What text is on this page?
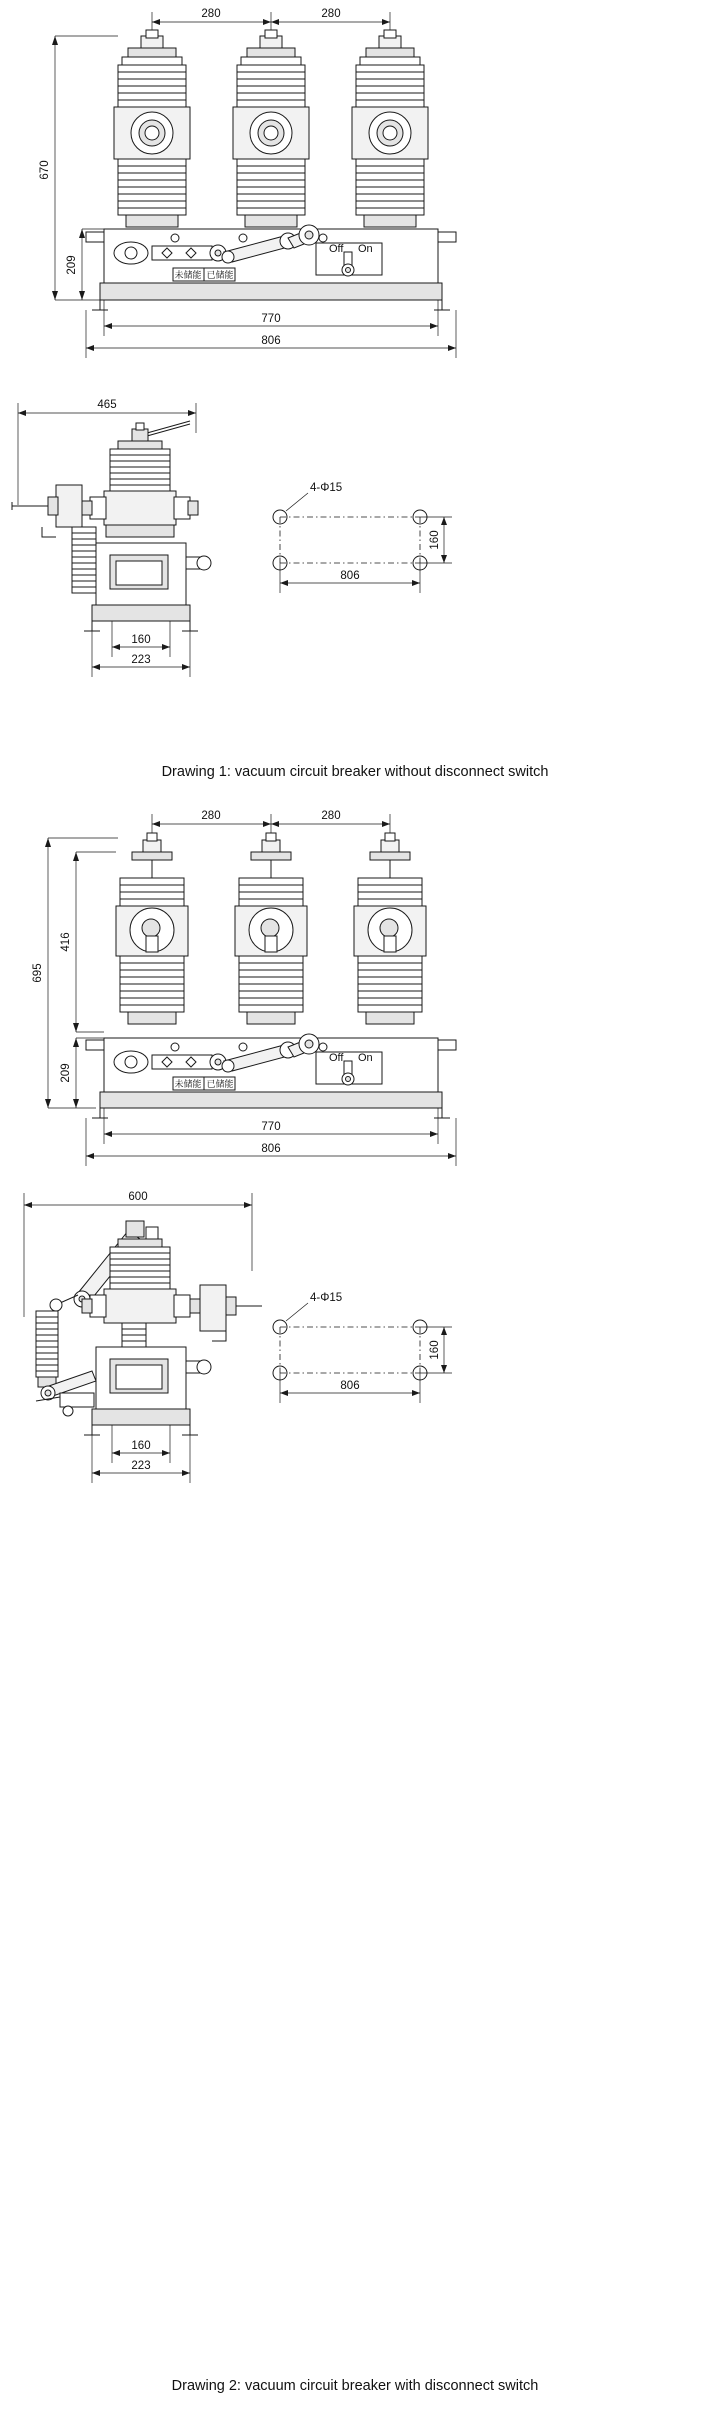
280	280
670
209
未储能 已储能
Off On
770
806
465
160
223
4-Φ15
806
160
Drawing 1: vacuum circuit breaker without disconnect switch
280	280
695
416
209
未储能 已储能
Off On
770
806
600
160
223
4-Φ15
806
160
Drawing 2: vacuum circuit breaker with disconnect switch
